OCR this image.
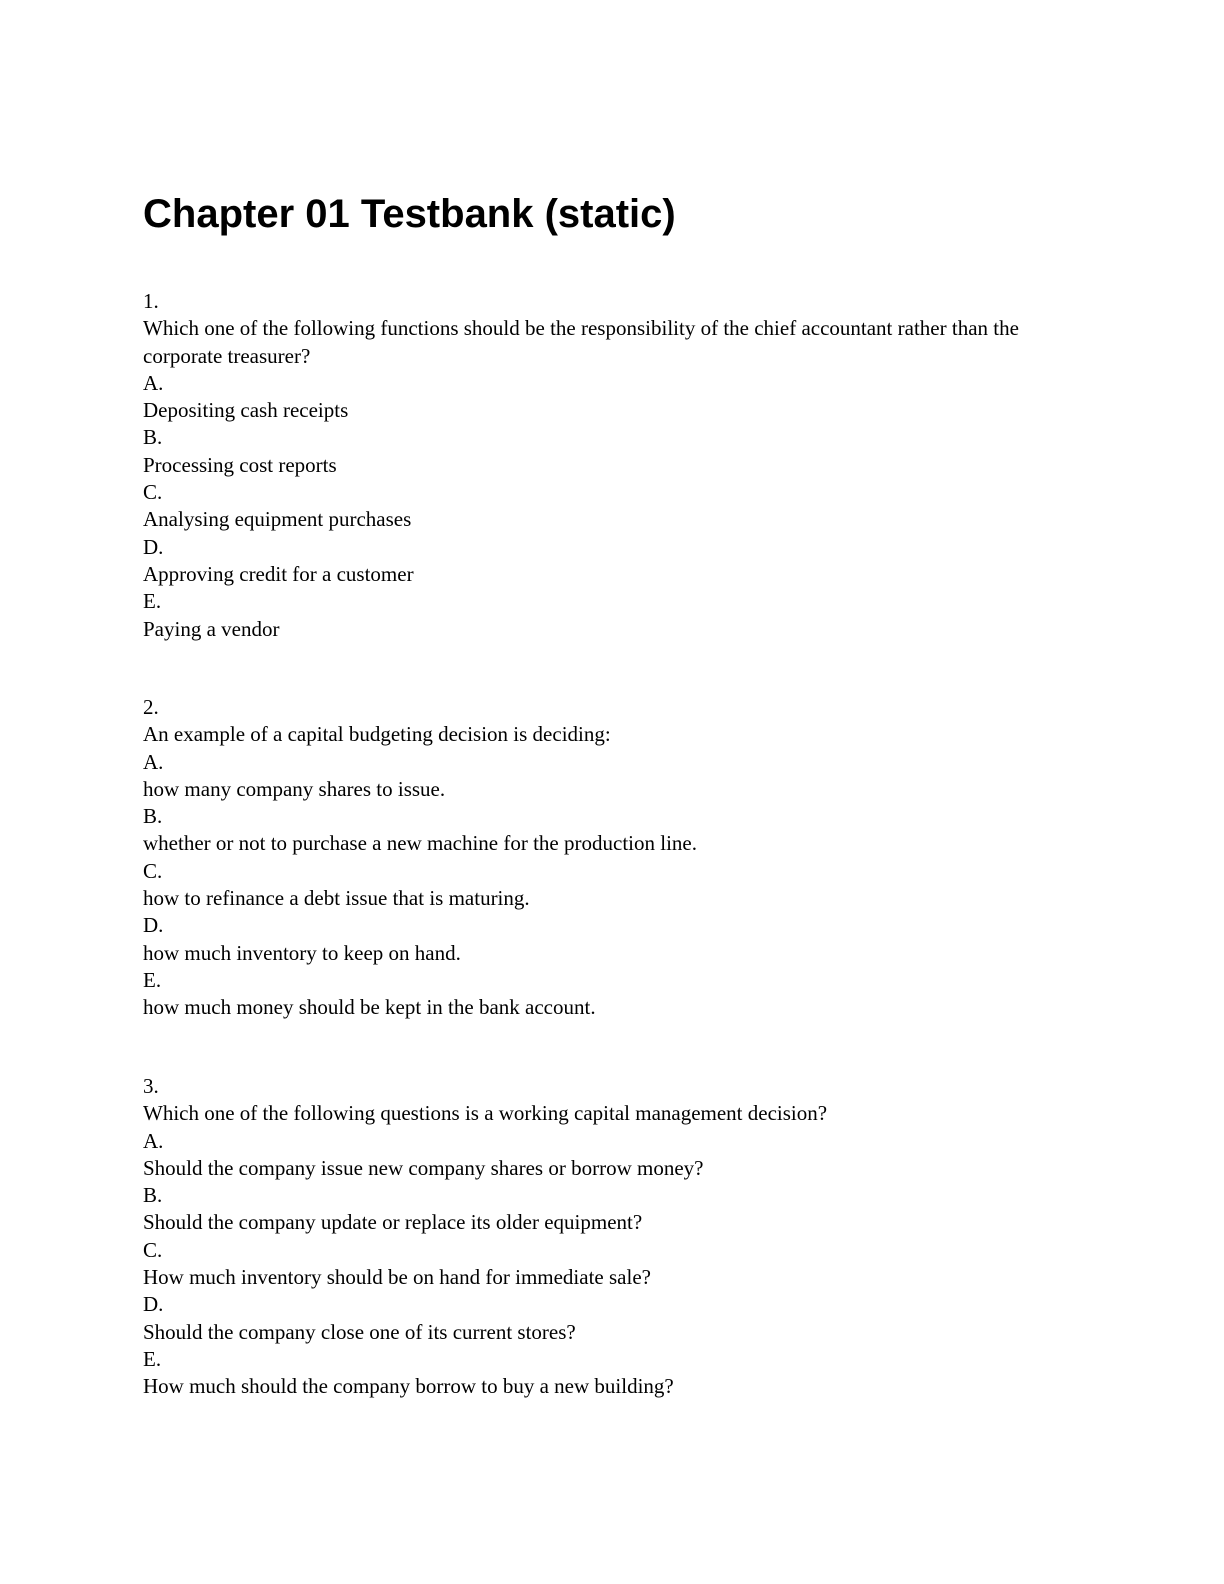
Chapter 01 Testbank (static)
1.
Which one of the following functions should be the responsibility of the chief accountant rather than the corporate treasurer?
A.
Depositing cash receipts
B.
Processing cost reports
C.
Analysing equipment purchases
D.
Approving credit for a customer
E.
Paying a vendor
2.
An example of a capital budgeting decision is deciding:
A.
how many company shares to issue.
B.
whether or not to purchase a new machine for the production line.
C.
how to refinance a debt issue that is maturing.
D.
how much inventory to keep on hand.
E.
how much money should be kept in the bank account.
3.
Which one of the following questions is a working capital management decision?
A.
Should the company issue new company shares or borrow money?
B.
Should the company update or replace its older equipment?
C.
How much inventory should be on hand for immediate sale?
D.
Should the company close one of its current stores?
E.
How much should the company borrow to buy a new building?
